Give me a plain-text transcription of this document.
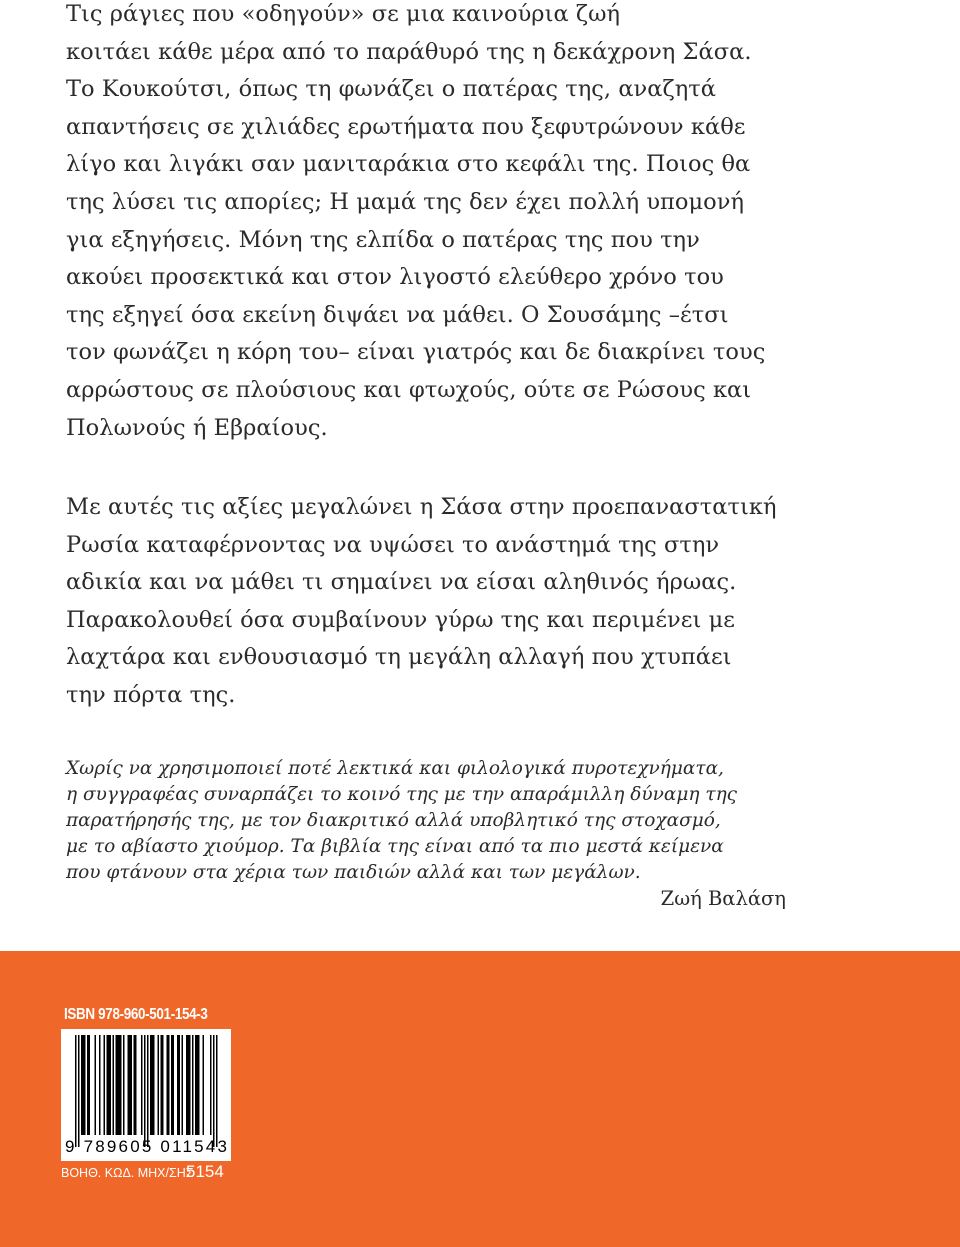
Τις ράγιες που «οδηγούν» σε μια καινούρια ζωή
κοιτάει κάθε μέρα από το παράθυρό της η δεκάχρονη Σάσα.
Το Κουκούτσι, όπως τη φωνάζει ο πατέρας της, αναζητά
απαντήσεις σε χιλιάδες ερωτήματα που ξεφυτρώνουν κάθε
λίγο και λιγάκι σαν μανιταράκια στο κεφάλι της. Ποιος θα
της λύσει τις απορίες; Η μαμά της δεν έχει πολλή υπομονή
για εξηγήσεις. Μόνη της ελπίδα ο πατέρας της που την
ακούει προσεκτικά και στον λιγοστό ελεύθερο χρόνο του
της εξηγεί όσα εκείνη διψάει να μάθει. Ο Σουσάμης –έτσι
τον φωνάζει η κόρη του– είναι γιατρός και δε διακρίνει τους
αρρώστους σε πλούσιους και φτωχούς, ούτε σε Ρώσους και
Πολωνούς ή Εβραίους.
Με αυτές τις αξίες μεγαλώνει η Σάσα στην προεπαναστατική
Ρωσία καταφέρνοντας να υψώσει το ανάστημά της στην
αδικία και να μάθει τι σημαίνει να είσαι αληθινός ήρωας.
Παρακολουθεί όσα συμβαίνουν γύρω της και περιμένει με
λαχτάρα και ενθουσιασμό τη μεγάλη αλλαγή που χτυπάει
την πόρτα της.
Χωρίς να χρησιμοποιεί ποτέ λεκτικά και φιλολογικά πυροτεχνήματα,
η συγγραφέας συναρπάζει το κοινό της με την απαράμιλλη δύναμη της
παρατήρησής της, με τον διακριτικό αλλά υποβλητικό της στοχασμό,
με το αβίαστο χιούμορ. Τα βιβλία της είναι από τα πιο μεστά κείμενα
που φτάνουν στα χέρια των παιδιών αλλά και των μεγάλων.
Ζωή Βαλάση
ISBN 978-960-501-154-3
9 789605 011543
ΒΟΗΘ. ΚΩΔ. ΜΗΧ/ΣΗΣ
5154
